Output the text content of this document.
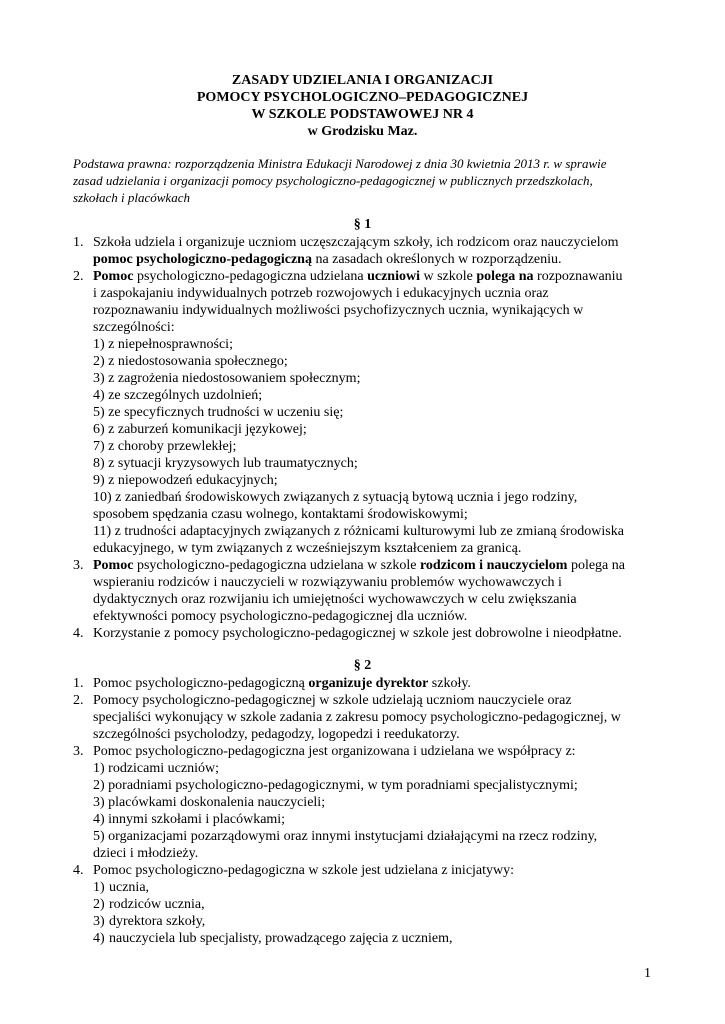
ZASADY UDZIELANIA I ORGANIZACJI
POMOCY PSYCHOLOGICZNO–PEDAGOGICZNEJ
W SZKOLE PODSTAWOWEJ NR 4
w Grodzisku Maz.
Podstawa prawna: rozporządzenia Ministra Edukacji Narodowej z dnia 30 kwietnia 2013 r. w sprawie
zasad udzielania i organizacji pomocy psychologiczno-pedagogicznej w publicznych przedszkolach,
szkołach i placówkach
§ 1
1. Szkoła udziela i organizuje uczniom uczęszczającym szkoły, ich rodzicom oraz nauczycielom
pomoc psychologiczno-pedagogiczną na zasadach określonych w rozporządzeniu.
2. Pomoc psychologiczno-pedagogiczna udzielana uczniowi w szkole polega na rozpoznawaniu
i zaspokajaniu indywidualnych potrzeb rozwojowych i edukacyjnych ucznia oraz
rozpoznawaniu indywidualnych możliwości psychofizycznych ucznia, wynikających w
szczególności:
1) z niepełnosprawności;
2) z niedostosowania społecznego;
3) z zagrożenia niedostosowaniem społecznym;
4) ze szczególnych uzdolnień;
5) ze specyficznych trudności w uczeniu się;
6) z zaburzeń komunikacji językowej;
7) z choroby przewlekłej;
8) z sytuacji kryzysowych lub traumatycznych;
9) z niepowodzeń edukacyjnych;
10) z zaniedbań środowiskowych związanych z sytuacją bytową ucznia i jego rodziny,
sposobem spędzania czasu wolnego, kontaktami środowiskowymi;
11) z trudności adaptacyjnych związanych z różnicami kulturowymi lub ze zmianą środowiska
edukacyjnego, w tym związanych z wcześniejszym kształceniem za granicą.
3. Pomoc psychologiczno-pedagogiczna udzielana w szkole rodzicom i nauczycielom polega na
wspieraniu rodziców i nauczycieli w rozwiązywaniu problemów wychowawczych i
dydaktycznych oraz rozwijaniu ich umiejętności wychowawczych w celu zwiększania
efektywności pomocy psychologiczno-pedagogicznej dla uczniów.
4. Korzystanie z pomocy psychologiczno-pedagogicznej w szkole jest dobrowolne i nieodpłatne.
§ 2
1. Pomoc psychologiczno-pedagogiczną organizuje dyrektor szkoły.
2. Pomocy psychologiczno-pedagogicznej w szkole udzielają uczniom nauczyciele oraz
specjaliści wykonujący w szkole zadania z zakresu pomocy psychologiczno-pedagogicznej, w
szczególności psycholodzy, pedagodzy, logopedzi i reedukatorzy.
3. Pomoc psychologiczno-pedagogiczna jest organizowana i udzielana we współpracy z:
1) rodzicami uczniów;
2) poradniami psychologiczno-pedagogicznymi, w tym poradniami specjalistycznymi;
3) placówkami doskonalenia nauczycieli;
4) innymi szkołami i placówkami;
5) organizacjami pozarządowymi oraz innymi instytucjami działającymi na rzecz rodziny,
dzieci i młodzieży.
4. Pomoc psychologiczno-pedagogiczna w szkole jest udzielana z inicjatywy:
1) ucznia,
2) rodziców ucznia,
3) dyrektora szkoły,
4) nauczyciela lub specjalisty, prowadzącego zajęcia z uczniem,
1
